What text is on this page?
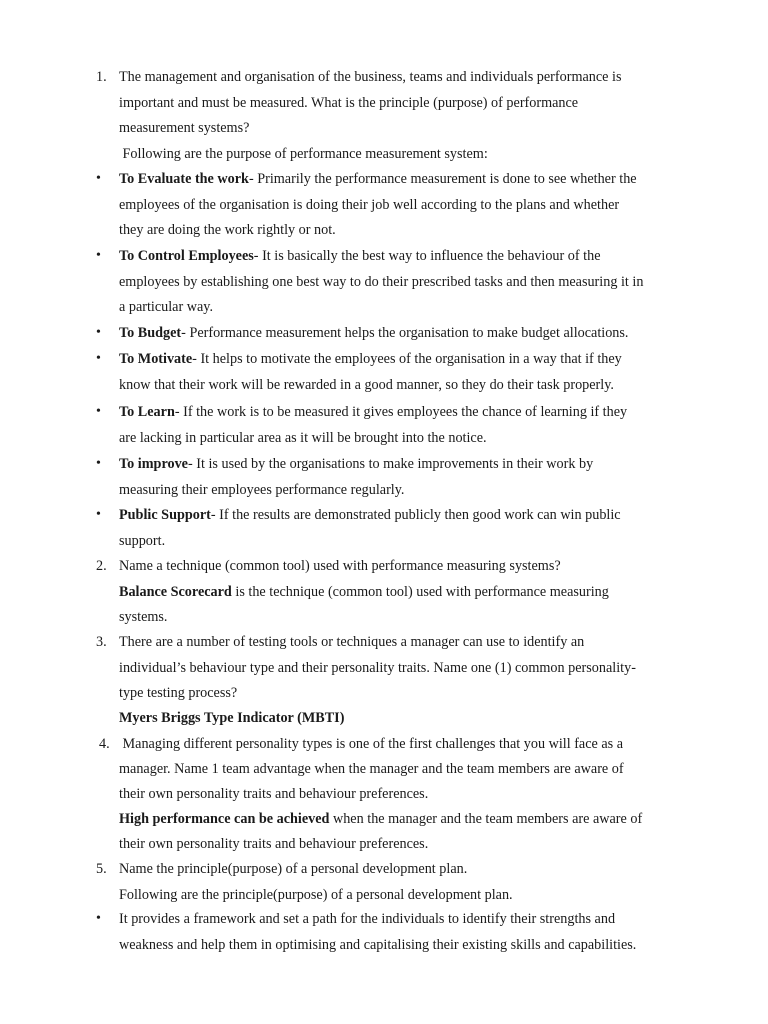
1. The management and organisation of the business, teams and individuals performance is
important and must be measured. What is the principle (purpose) of performance
measurement systems?
Following are the purpose of performance measurement system:
• To Evaluate the work- Primarily the performance measurement is done to see whether the
employees of the organisation is doing their job well according to the plans and whether
they are doing the work rightly or not.
• To Control Employees- It is basically the best way to influence the behaviour of the
employees by establishing one best way to do their prescribed tasks and then measuring it in
a particular way.
• To Budget- Performance measurement helps the organisation to make budget allocations.
• To Motivate- It helps to motivate the employees of the organisation in a way that if they
know that their work will be rewarded in a good manner, so they do their task properly.
• To Learn- If the work is to be measured it gives employees the chance of learning if they
are lacking in particular area as it will be brought into the notice.
• To improve- It is used by the organisations to make improvements in their work by
measuring their employees performance regularly.
• Public Support- If the results are demonstrated publicly then good work can win public
support.
2. Name a technique (common tool) used with performance measuring systems?
Balance Scorecard is the technique (common tool) used with performance measuring
systems.
3. There are a number of testing tools or techniques a manager can use to identify an
individual’s behaviour type and their personality traits. Name one (1) common personality-
type testing process?
Myers Briggs Type Indicator (MBTI)
4. Managing different personality types is one of the first challenges that you will face as a
manager. Name 1 team advantage when the manager and the team members are aware of
their own personality traits and behaviour preferences.
High performance can be achieved when the manager and the team members are aware of
their own personality traits and behaviour preferences.
5. Name the principle(purpose) of a personal development plan.
Following are the principle(purpose) of a personal development plan.
• It provides a framework and set a path for the individuals to identify their strengths and
weakness and help them in optimising and capitalising their existing skills and capabilities.
